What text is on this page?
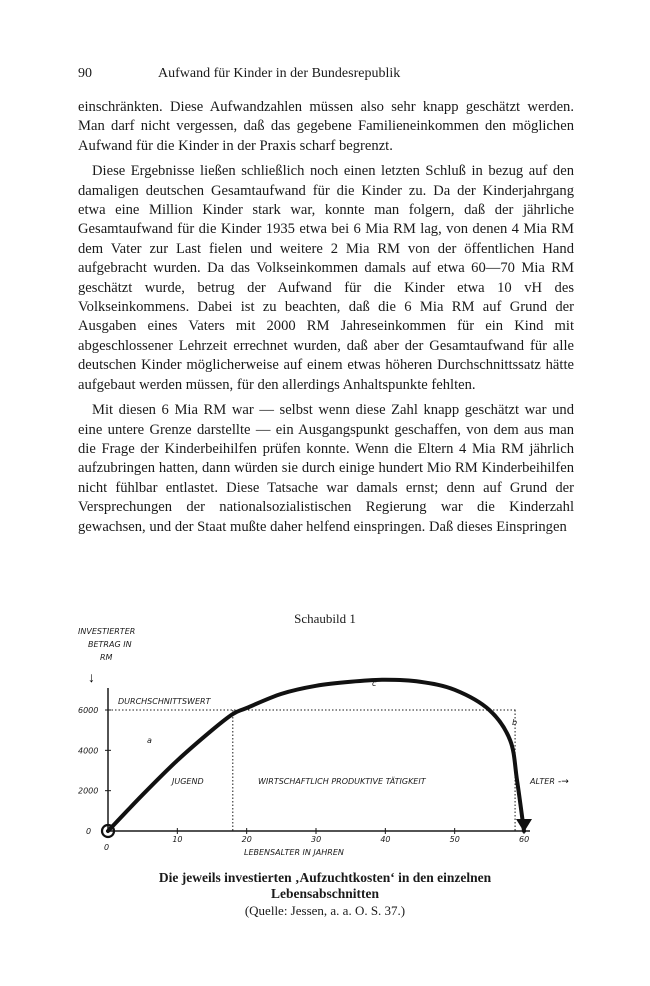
90	Aufwand für Kinder in der Bundesrepublik

einschränkten. Diese Aufwandzahlen müssen also sehr knapp geschätzt werden. Man darf nicht vergessen, daß das gegebene Familieneinkommen den möglichen Aufwand für die Kinder in der Praxis scharf begrenzt.

Diese Ergebnisse ließen schließlich noch einen letzten Schluß in bezug auf den damaligen deutschen Gesamtaufwand für die Kinder zu. Da der Kinderjahrgang etwa eine Million Kinder stark war, konnte man folgern, daß der jährliche Gesamtaufwand für die Kinder 1935 etwa bei 6 Mia RM lag, von denen 4 Mia RM dem Vater zur Last fielen und weitere 2 Mia RM von der öffentlichen Hand aufgebracht wurden. Da das Volkseinkommen damals auf etwa 60—70 Mia RM geschätzt wurde, betrug der Aufwand für die Kinder etwa 10 vH des Volkseinkommens. Dabei ist zu beachten, daß die 6 Mia RM auf Grund der Ausgaben eines Vaters mit 2000 RM Jahreseinkommen für ein Kind mit abgeschlossener Lehrzeit errechnet wurden, daß aber der Gesamtaufwand für alle deutschen Kinder möglicherweise auf einem etwas höheren Durchschnittssatz hätte aufgebaut werden müssen, für den allerdings Anhaltspunkte fehlten.

Mit diesen 6 Mia RM war — selbst wenn diese Zahl knapp geschätzt war und eine untere Grenze darstellte — ein Ausgangspunkt geschaffen, von dem aus man die Frage der Kinderbeihilfen prüfen konnte. Wenn die Eltern 4 Mia RM jährlich aufzubringen hatten, dann würden sie durch einige hundert Mio RM Kinderbeihilfen nicht fühlbar entlastet. Diese Tatsache war damals ernst; denn auf Grund der Versprechungen der nationalsozialistischen Regierung war die Kinderzahl gewachsen, und der Staat mußte daher helfend einspringen. Daß dieses Einspringen

Schaubild 1
INVESTIERTER
BETRAG IN
RM
↓
0
10	20	30	40	50	60
0
2000
4000
6000
DURCHSCHNITTSWERT
JUGEND	WIRTSCHAFTLICH PRODUKTIVE TÄTIGKEIT	ALTER -→
a
c
b
LEBENSALTER IN JAHREN
Die jeweils investierten ‚Aufzuchtkosten‘ in den einzelnen
Lebensabschnitten
(Quelle: Jessen, a. a. O. S. 37.)
